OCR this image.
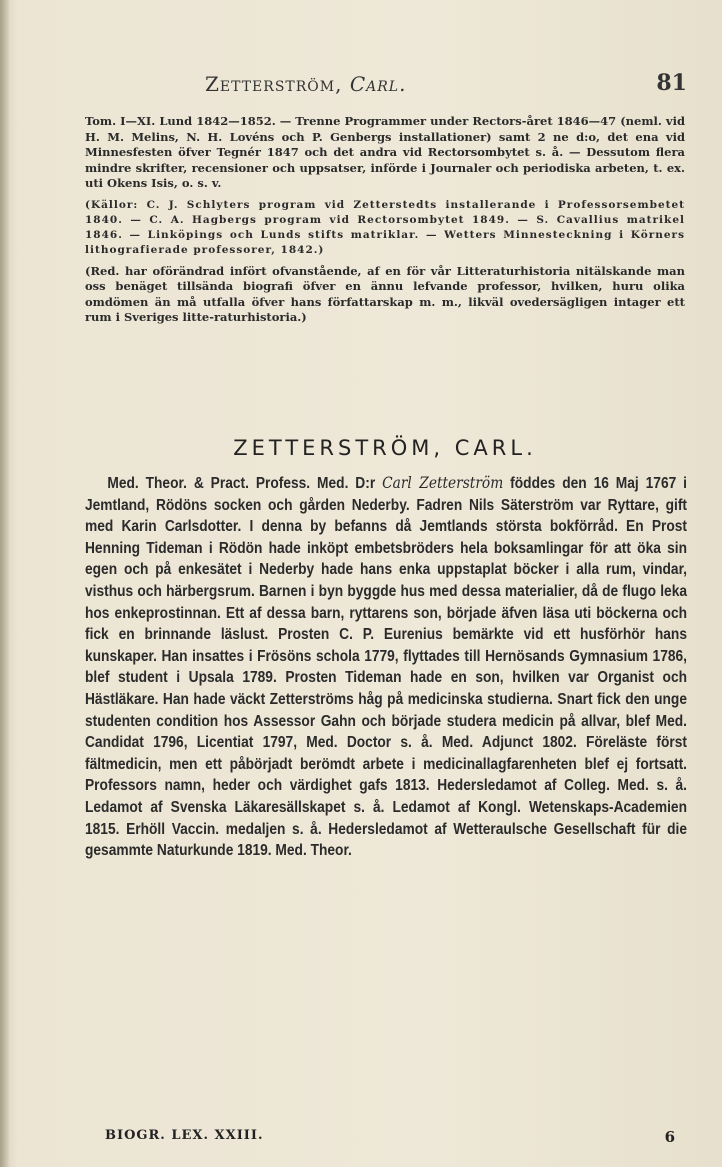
Zetterström, Carl.	81

Tom. I—XI. Lund 1842—1852. — Trenne Programmer under Rectors-året 1846—47 (neml. vid H. M. Melins, N. H. Lovéns och P. Genbergs installationer) samt 2 ne d:o, det ena vid Minnesfesten öfver Tegnér 1847 och det andra vid Rectorsombytet s. å. — Dessutom flera mindre skrifter, recensioner och uppsatser, införde i Journaler och periodiska arbeten, t. ex. uti Okens Isis, o. s. v.

(Källor: C. J. Schlyters program vid Zetterstedts installerande i Professorsembetet 1840. — C. A. Hagbergs program vid Rectorsombytet 1849. — S. Cavallius matrikel 1846. — Linköpings och Lunds stifts matriklar. — Wetters Minnesteckning i Körners lithografierade professorer, 1842.)

(Red. har oförändrad infört ofvanstående, af en för vår Litteraturhistoria nitälskande man oss benäget tillsända biografi öfver en ännu lefvande professor, hvilken, huru olika omdömen än må utfalla öfver hans författarskap m. m., likväl ovedersägligen intager ett rum i Sveriges litte-raturhistoria.)

ZETTERSTRÖM, CARL.

Med. Theor. & Pract. Profess. Med. D:r Carl Zetterström föddes den 16 Maj 1767 i Jemtland, Rödöns socken och gården Nederby. Fadren Nils Säterström var Ryttare, gift med Karin Carlsdotter. I denna by befanns då Jemtlands största bokförråd. En Prost Henning Tideman i Rödön hade inköpt embetsbröders hela boksamlingar för att öka sin egen och på enkesätet i Nederby hade hans enka uppstaplat böcker i alla rum, vindar, visthus och härbergsrum. Barnen i byn byggde hus med dessa materialier, då de flugo leka hos enkeprostinnan. Ett af dessa barn, ryttarens son, började äfven läsa uti böckerna och fick en brinnande läslust. Prosten C. P. Eurenius bemärkte vid ett husförhör hans kunskaper. Han insattes i Frösöns schola 1779, flyttades till Hernösands Gymnasium 1786, blef student i Upsala 1789. Prosten Tideman hade en son, hvilken var Organist och Hästläkare. Han hade väckt Zetterströms håg på medicinska studierna. Snart fick den unge studenten condition hos Assessor Gahn och började studera medicin på allvar, blef Med. Candidat 1796, Licentiat 1797, Med. Doctor s. å. Med. Adjunct 1802. Föreläste först fältmedicin, men ett påbörjadt berömdt arbete i medicinallagfarenheten blef ej fortsatt. Professors namn, heder och värdighet gafs 1813. Hedersledamot af Colleg. Med. s. å. Ledamot af Svenska Läkaresällskapet s. å. Ledamot af Kongl. Wetenskaps-Academien 1815. Erhöll Vaccin. medaljen s. å. Hedersledamot af Wetteraulsche Gesellschaft für die gesammte Naturkunde 1819. Med. Theor.

BIOGR. LEX. XXIII.	6
